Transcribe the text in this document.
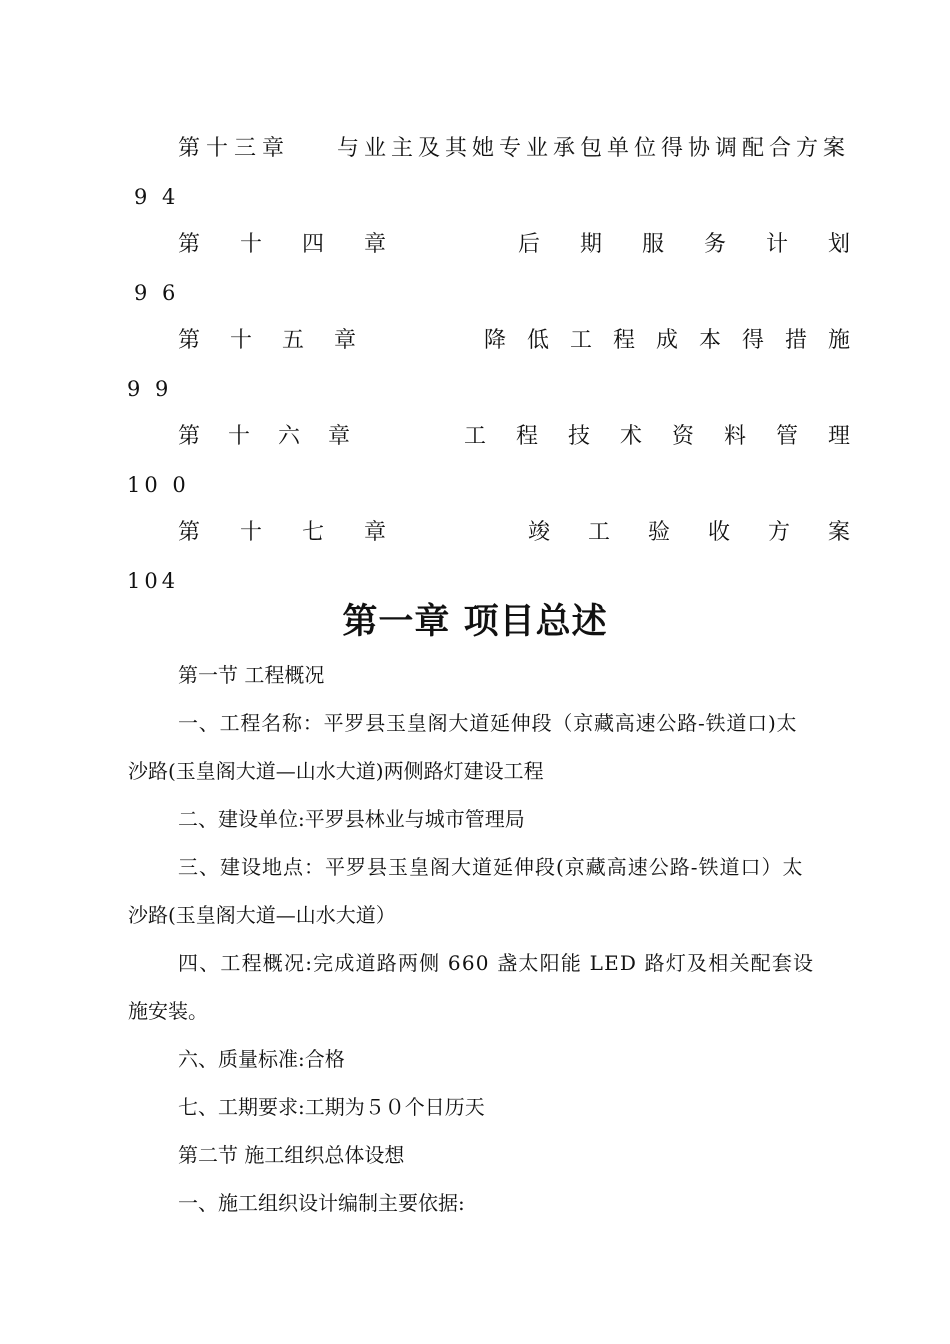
第十三章 与业主及其她专业承包单位得协调配合方案
9 4
第十四章	后期服务计划
9 6
第十五章	降低工程成本得措施
9 9
第十六章	工程技术资料管理
10 0
第十七章	竣工验收方案
104
第一章 项目总述
第一节 工程概况
一、工程名称：平罗县玉皇阁大道延伸段（京藏高速公路-铁道口)太
沙路(玉皇阁大道—山水大道)两侧路灯建设工程
二、建设单位:平罗县林业与城市管理局
三、建设地点：平罗县玉皇阁大道延伸段(京藏高速公路-铁道口）太
沙路(玉皇阁大道—山水大道）
四、工程概况:完成道路两侧 660 盏太阳能 LED 路灯及相关配套设
施安装。
六、质量标准:合格
七、工期要求:工期为５０个日历天
第二节 施工组织总体设想
一、施工组织设计编制主要依据:
